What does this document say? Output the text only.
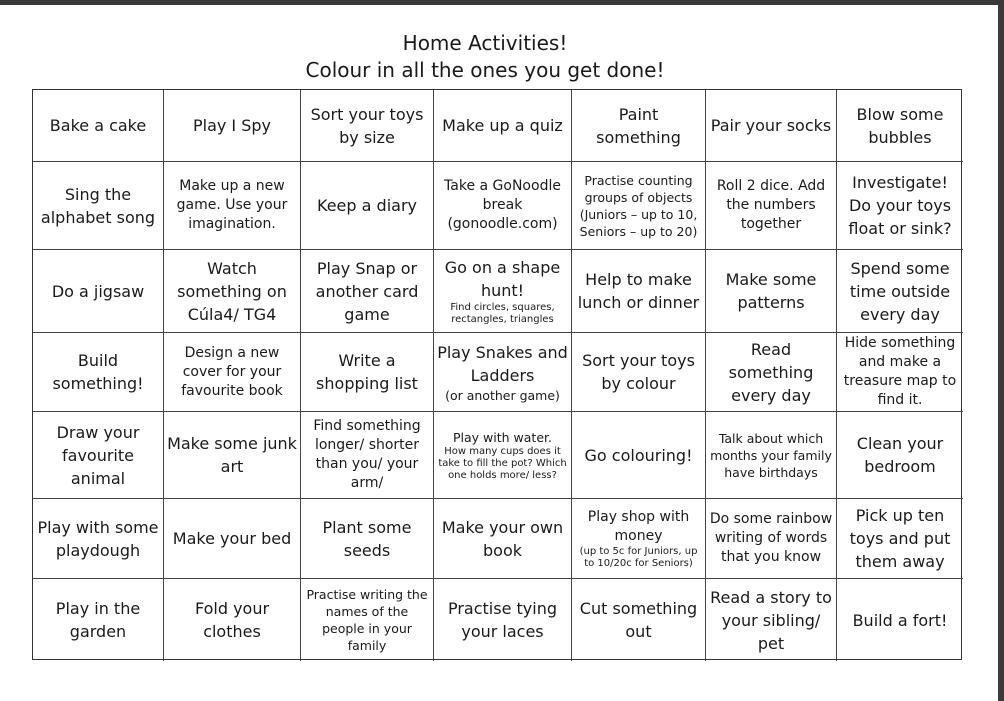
Home Activities!
Colour in all the ones you get done!
Bake a cake	Play I Spy
Sort your toys by size
Make up a quiz
Paint something
Pair your socks
Blow some bubbles
Sing the alphabet song
Make up a new game. Use your imagination.
Keep a diary
Take a GoNoodle break (gonoodle.com)
Practise counting groups of objects (Juniors – up to 10, Seniors – up to 20)
Roll 2 dice. Add the numbers together
Investigate! Do your toys float or sink?
Do a jigsaw
Watch something on Cúla4/ TG4
Play Snap or another card game
Go on a shape hunt!
Find circles, squares, rectangles, triangles
Help to make lunch or dinner
Make some patterns
Spend some time outside every day
Build something!
Design a new cover for your favourite book
Write a shopping list
Play Snakes and Ladders
(or another game)
Sort your toys by colour
Read something every day
Hide something and make a treasure map to find it.
Draw your favourite animal
Make some junk art
Find something longer/ shorter than you/ your arm/
Play with water.
How many cups does it take to fill the pot? Which one holds more/ less?
Go colouring!
Talk about which months your family have birthdays
Clean your bedroom
Play with some playdough
Make your bed
Plant some seeds
Make your own book
Play shop with money
(up to 5c for Juniors, up to 10/20c for Seniors)
Do some rainbow writing of words that you know
Pick up ten toys and put them away
Play in the garden
Fold your clothes
Practise writing the names of the people in your family
Practise tying your laces
Cut something out
Read a story to your sibling/ pet
Build a fort!
